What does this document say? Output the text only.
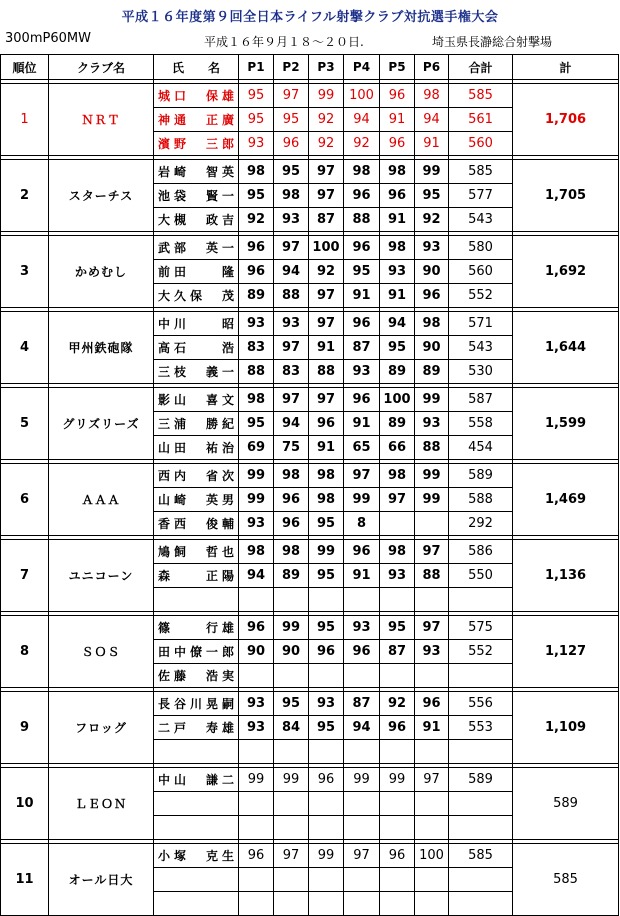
平成１６年度第９回全日本ライフル射撃クラブ対抗選手権大会
300mP60MW	平成１６年９月１８～２０日.	埼玉県長瀞総合射撃場
順位	クラブ名	氏　　名	P1	P2	P3	P4	P5	P6	合計	計

1	ＮＲＴ	城口　保雄	95	97	99	100	96	98	585	1,706
		神通　正廣	95	95	92	94	91	94	561	
		濱野　三郎	93	96	92	92	96	91	560	

2	スターチス	岩崎　智英	98	95	97	98	98	99	585	1,705
		池袋　賢一	95	98	97	96	96	95	577	
		大槻　政吉	92	93	87	88	91	92	543	

3	かめむし	武部　英一	96	97	100	96	98	93	580	1,692
		前田　　隆	96	94	92	95	93	90	560	
		大久保　茂	89	88	97	91	91	96	552	

4	甲州鉄砲隊	中川　　昭	93	93	97	96	94	98	571	1,644
		高石　　浩	83	97	91	87	95	90	543	
		三枝　義一	88	83	88	93	89	89	530	

5	グリズリーズ	影山　喜文	98	97	97	96	100	99	587	1,599
		三浦　勝紀	95	94	96	91	89	93	558	
		山田　祐治	69	75	91	65	66	88	454	

6	ＡＡＡ	西内　省次	99	98	98	97	98	99	589	1,469
		山崎　英男	99	96	98	99	97	99	588	
		香西　俊輔	93	96	95	8			292	

7	ユニコーン	鳩飼　哲也	98	98	99	96	98	97	586	1,136
		森　　正陽	94	89	95	91	93	88	550	

8	ＳＯＳ	篠　　行雄	96	99	95	93	95	97	575	1,127
		田中僚一郎	90	90	96	96	87	93	552	
		佐藤　浩実								

9	フロッグ	長谷川晃嗣	93	95	93	87	92	96	556	1,109
		二戸　寿雄	93	84	95	94	96	91	553	

10	ＬＥＯＮ	中山　謙二	99	99	96	99	99	97	589	589

11	オール日大	小塚　克生	96	97	99	97	96	100	585	585
